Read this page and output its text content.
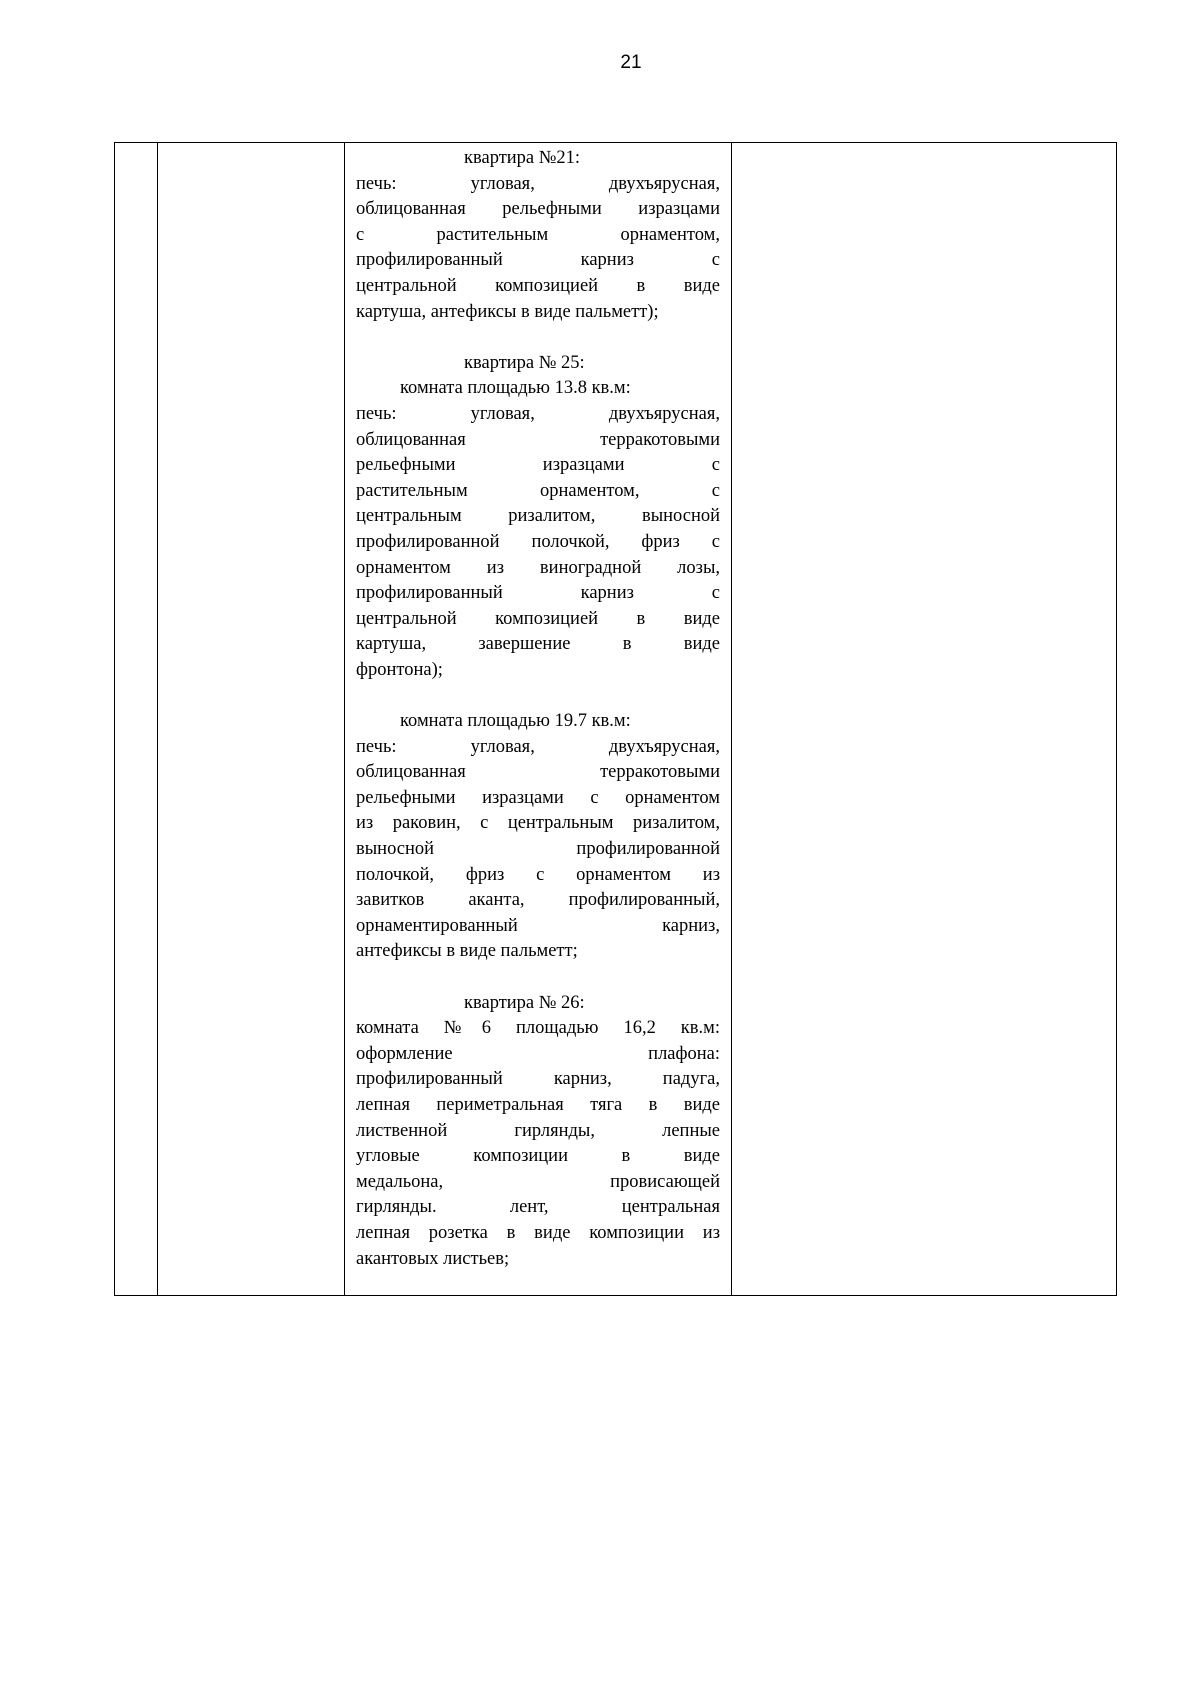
21

квартира №21:
печь: угловая, двухъярусная,
облицованная рельефными изразцами
с растительным орнаментом,
профилированный карниз с
центральной композицией в виде
картуша, антефиксы в виде пальметт);
квартира № 25:
комната площадью 13.8 кв.м:
печь: угловая, двухъярусная,
облицованная терракотовыми
рельефными изразцами с
растительным орнаментом, с
центральным ризалитом, выносной
профилированной полочкой, фриз с
орнаментом из виноградной лозы,
профилированный карниз с
центральной композицией в виде
картуша, завершение в виде
фронтона);
комната площадью 19.7 кв.м:
печь: угловая, двухъярусная,
облицованная терракотовыми
рельефными изразцами с орнаментом
из раковин, с центральным ризалитом,
выносной профилированной
полочкой, фриз с орнаментом из
завитков аканта, профилированный,
орнаментированный карниз,
антефиксы в виде пальметт;
квартира № 26:
комната №6 площадью 16,2 кв.м:
оформление плафона:
профилированный карниз, падуга,
лепная периметральная тяга в виде
лиственной гирлянды, лепные
угловые композиции в виде
медальона, провисающей
гирлянды. лент, центральная
лепная розетка в виде композиции из
акантовых листьев;
